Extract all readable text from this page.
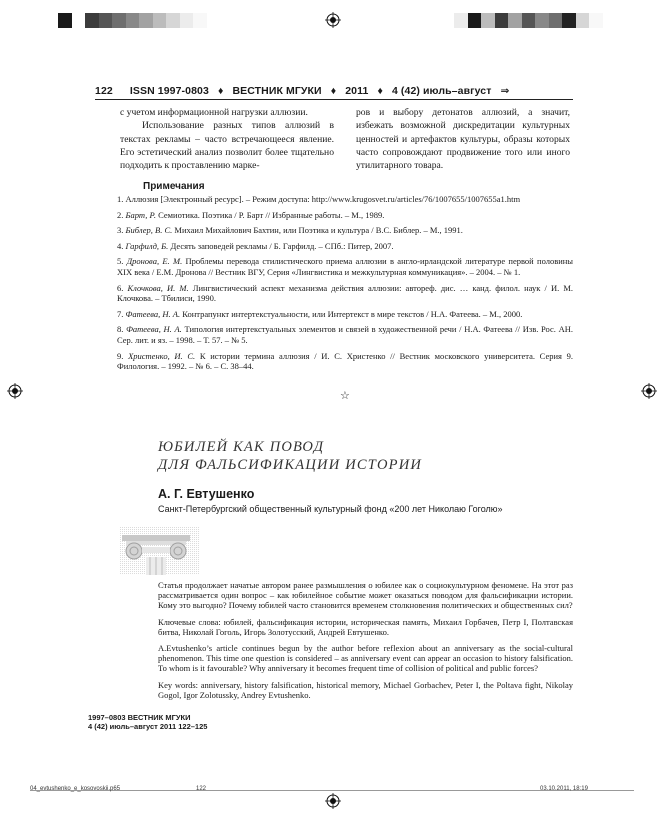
122 ISSN 1997-0803 ♦ ВЕСТНИК МГУКИ ♦ 2011 ♦ 4 (42) июль–август ⇒

с учетом информационной нагрузки аллюзии.

Использование разных типов аллюзий в текстах рекламы – часто встречающееся явление. Его эстетический анализ позволит более тщательно подходить к проставлению марке-

ров и выбору детонатов аллюзий, а значит, избежать возможной дискредитации культурных ценностей и артефактов культуры, образы которых часто сопровождают продвижение того или иного утилитарного товара.

Примечания

1. Аллюзия [Электронный ресурс]. – Режим доступа: http://www.krugosvet.ru/articles/76/1007655/1007655a1.htm

2. Барт, Р. Семиотика. Поэтика / Р. Барт // Избранные работы. – М., 1989.

3. Библер, В. С. Михаил Михайлович Бахтин, или Поэтика и культура / В.С. Библер. – М., 1991.

4. Гарфилд, Б. Десять заповедей рекламы / Б. Гарфилд. – СПб.: Питер, 2007.

5. Дронова, Е. М. Проблемы перевода стилистического приема аллюзии в англо-ирландской литературе первой половины XIX века / Е.М. Дронова // Вестник ВГУ, Серия «Лингвистика и межкультурная коммуникация». – 2004. – № 1.

6. Клочкова, И. М. Лингвистический аспект механизма действия аллюзии: автореф. дис. … канд. филол. наук / И. М. Клочкова. – Тбилиси, 1990.

7. Фатеева, Н. А. Контрапункт интертекстуальности, или Интертекст в мире текстов / Н.А. Фатеева. – М., 2000.

8. Фатеева, Н. А. Типология интертекстуальных элементов и связей в художественной речи / Н.А. Фатеева // Изв. Рос. АН. Сер. лит. и яз. – 1998. – Т. 57. – № 5.

9. Христенко, И. С. К истории термина аллюзия / И. С. Христенко // Вестник московского университета. Серия 9. Филология. – 1992. – № 6. – С. 38–44.

☆
ЮБИЛЕЙ КАК ПОВОД
ДЛЯ ФАЛЬСИФИКАЦИИ ИСТОРИИ
А. Г. Евтушенко
Санкт-Петербургский общественный культурный фонд «200 лет Николаю Гоголю»

Статья продолжает начатые автором ранее размышления о юбилее как о социокультурном феномене. На этот раз рассматривается один вопрос – как юбилейное событие может оказаться поводом для фальсификации истории. Кому это выгодно? Почему юбилей часто становится временем столкновения политических и общественных сил?

Ключевые слова: юбилей, фальсификация истории, историческая память, Михаил Горбачев, Петр I, Полтавская битва, Николай Гоголь, Игорь Золотусский, Андрей Евтушенко.

A.Evtushenko’s article continues begun by the author before reflexion about an anniversary as the social-cultural phenomenon. This time one question is considered – as anniversary event can appear an occasion to history falsification. To whom is it favourable? Why anniversary it becomes frequent time of collision of political and public forces?

Key words: anniversary, history falsification, historical memory, Michael Gorbachev, Peter I, the Poltava fight, Nikolay Gogol, Igor Zolotussky, Andrey Evtushenko.

1997–0803 ВЕСТНИК МГУКИ
4 (42) июль–август 2011 122–125
04_evtushenko_e_kosovoskii.p65	122	03.10.2011, 18:19
